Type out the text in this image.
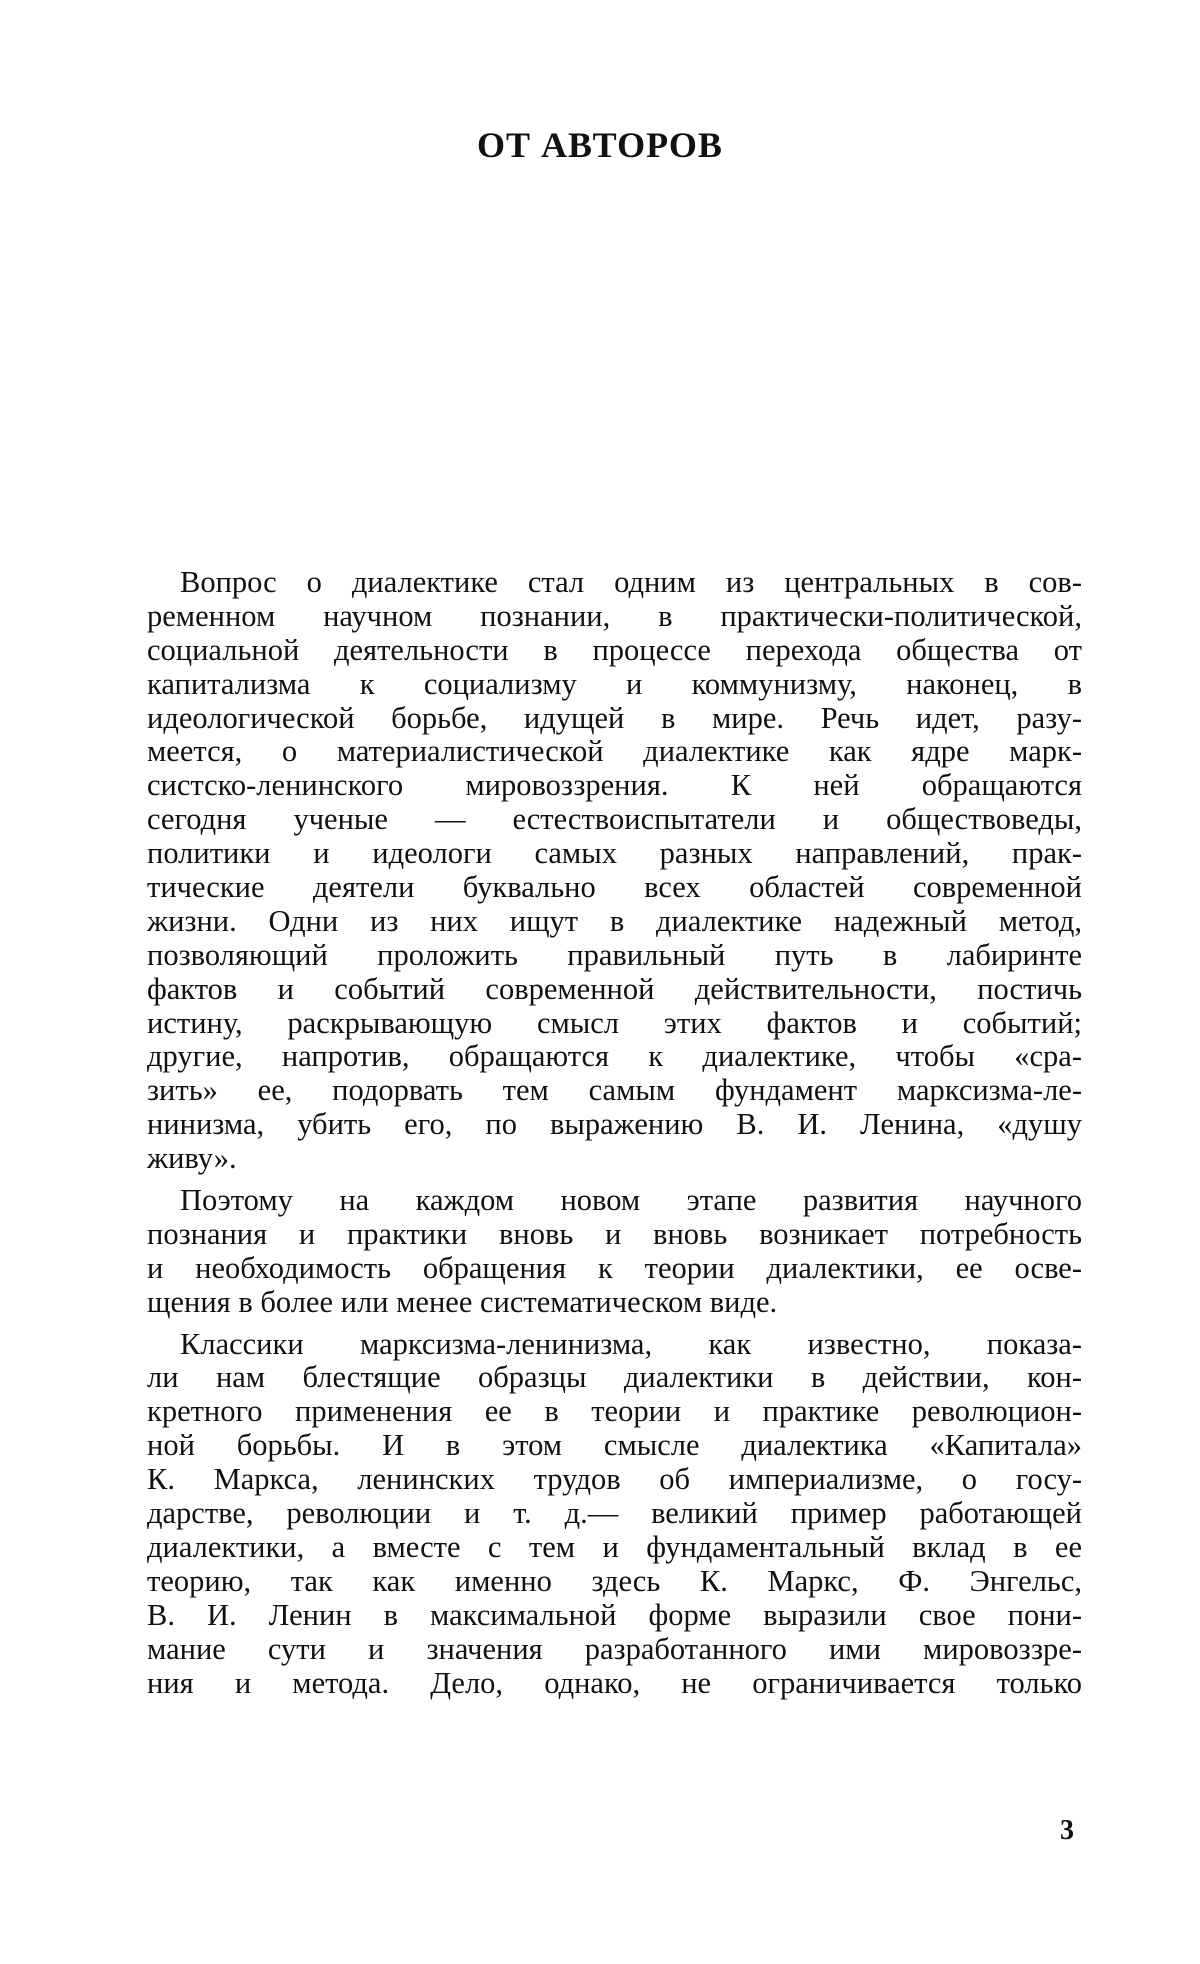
ОТ АВТОРОВ
Вопрос о диалектике стал одним из центральных в сов-
ременном научном познании, в практически-политической,
социальной деятельности в процессе перехода общества от
капитализма к социализму и коммунизму, наконец, в
идеологической борьбе, идущей в мире. Речь идет, разу-
меется, о материалистической диалектике как ядре марк-
систско-ленинского мировоззрения. К ней обращаются
сегодня ученые — естествоиспытатели и обществоведы,
политики и идеологи самых разных направлений, прак-
тические деятели буквально всех областей современной
жизни. Одни из них ищут в диалектике надежный метод,
позволяющий проложить правильный путь в лабиринте
фактов и событий современной действительности, постичь
истину, раскрывающую смысл этих фактов и событий;
другие, напротив, обращаются к диалектике, чтобы «сра-
зить» ее, подорвать тем самым фундамент марксизма-ле-
нинизма, убить его, по выражению В. И. Ленина, «душу
живу».
Поэтому на каждом новом этапе развития научного
познания и практики вновь и вновь возникает потребность
и необходимость обращения к теории диалектики, ее осве-
щения в более или менее систематическом виде.
Классики марксизма-ленинизма, как известно, показа-
ли нам блестящие образцы диалектики в действии, кон-
кретного применения ее в теории и практике революцион-
ной борьбы. И в этом смысле диалектика «Капитала»
К. Маркса, ленинских трудов об империализме, о госу-
дарстве, революции и т. д.— великий пример работающей
диалектики, а вместе с тем и фундаментальный вклад в ее
теорию, так как именно здесь К. Маркс, Ф. Энгельс,
В. И. Ленин в максимальной форме выразили свое пони-
мание сути и значения разработанного ими мировоззре-
ния и метода. Дело, однако, не ограничивается только
3
